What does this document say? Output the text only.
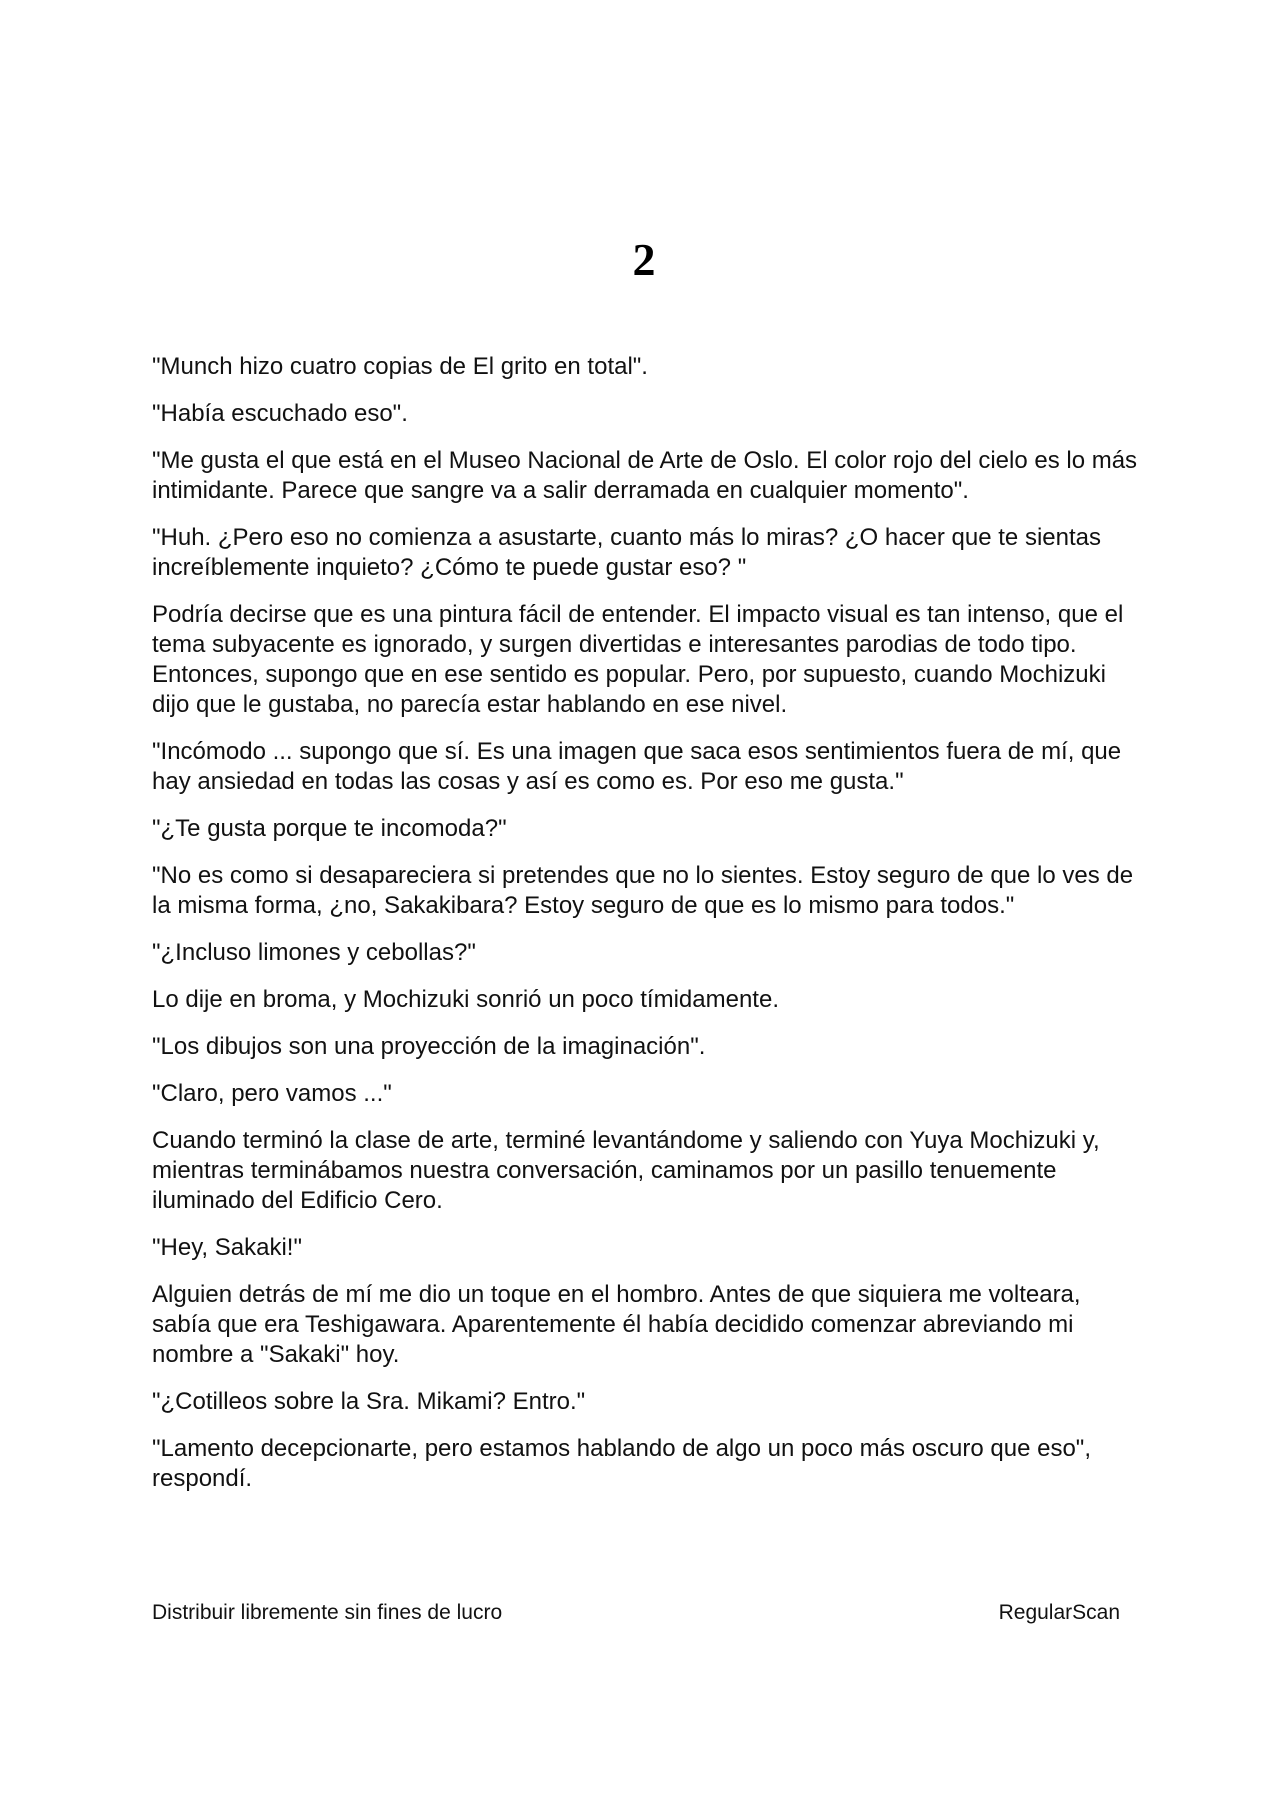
2

"Munch hizo cuatro copias de El grito en total".

"Había escuchado eso".

"Me gusta el que está en el Museo Nacional de Arte de Oslo. El color rojo del cielo es lo más intimidante. Parece que sangre va a salir derramada en cualquier momento".

"Huh. ¿Pero eso no comienza a asustarte, cuanto más lo miras? ¿O hacer que te sientas increíblemente inquieto? ¿Cómo te puede gustar eso? "

Podría decirse que es una pintura fácil de entender. El impacto visual es tan intenso, que el tema subyacente es ignorado, y surgen divertidas e interesantes parodias de todo tipo. Entonces, supongo que en ese sentido es popular. Pero, por supuesto, cuando Mochizuki dijo que le gustaba, no parecía estar hablando en ese nivel.

"Incómodo ... supongo que sí. Es una imagen que saca esos sentimientos fuera de mí, que hay ansiedad en todas las cosas y así es como es. Por eso me gusta."

"¿Te gusta porque te incomoda?"

"No es como si desapareciera si pretendes que no lo sientes. Estoy seguro de que lo ves de la misma forma, ¿no, Sakakibara? Estoy seguro de que es lo mismo para todos."

"¿Incluso limones y cebollas?"

Lo dije en broma, y Mochizuki sonrió un poco tímidamente.

"Los dibujos son una proyección de la imaginación".

"Claro, pero vamos ..."

Cuando terminó la clase de arte, terminé levantándome y saliendo con Yuya Mochizuki y, mientras terminábamos nuestra conversación, caminamos por un pasillo tenuemente iluminado del Edificio Cero.

"Hey, Sakaki!"

Alguien detrás de mí me dio un toque en el hombro. Antes de que siquiera me volteara, sabía que era Teshigawara. Aparentemente él había decidido comenzar abreviando mi nombre a "Sakaki" hoy.

"¿Cotilleos sobre la Sra. Mikami? Entro."

"Lamento decepcionarte, pero estamos hablando de algo un poco más oscuro que eso", respondí.

Distribuir libremente sin fines de lucro	RegularScan
